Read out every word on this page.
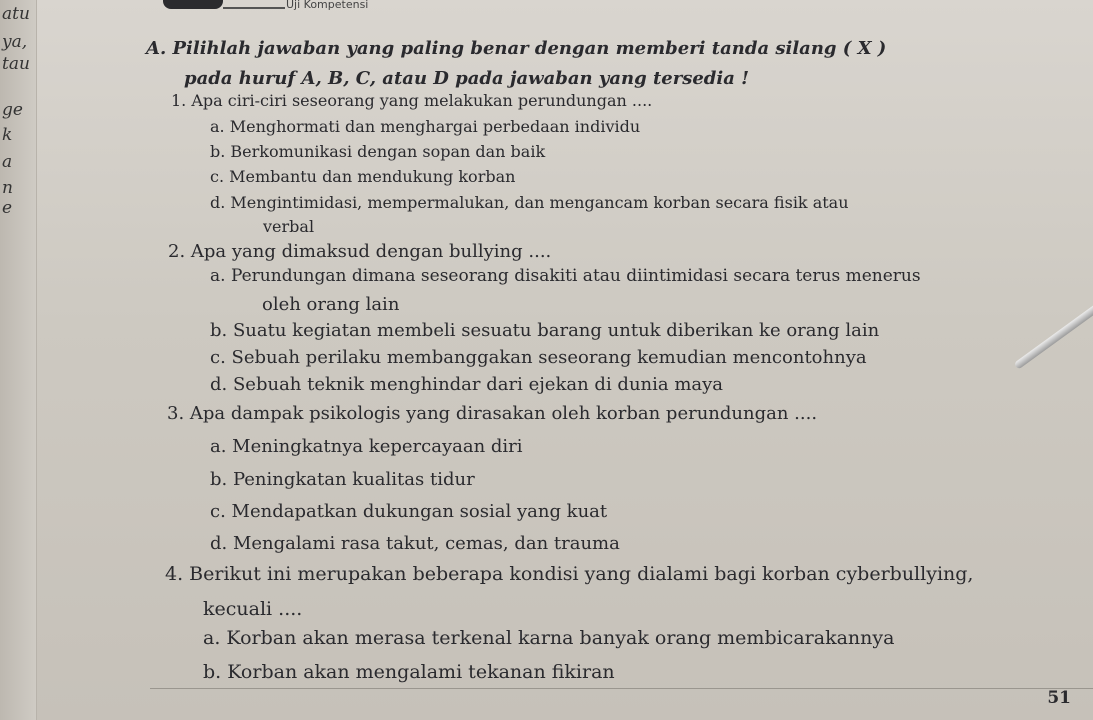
atu
ya,
tau
ge
k
a
n
e
Uji Kompetensi
A. Pilihlah jawaban yang paling benar dengan memberi tanda silang ( X )
pada huruf A, B, C, atau D pada jawaban yang tersedia !
1. Apa ciri-ciri seseorang yang melakukan perundungan ....
a. Menghormati dan menghargai perbedaan individu
b. Berkomunikasi dengan sopan dan baik
c. Membantu dan mendukung korban
d. Mengintimidasi, mempermalukan, dan mengancam korban secara fisik atau
verbal
2. Apa yang dimaksud dengan bullying ....
a. Perundungan dimana seseorang disakiti atau diintimidasi secara terus menerus
oleh orang lain
b. Suatu kegiatan membeli sesuatu barang untuk diberikan ke orang lain
c. Sebuah perilaku membanggakan seseorang kemudian mencontohnya
d. Sebuah teknik menghindar dari ejekan di dunia maya
3. Apa dampak psikologis yang dirasakan oleh korban perundungan ....
a. Meningkatnya kepercayaan diri
b. Peningkatan kualitas tidur
c. Mendapatkan dukungan sosial yang kuat
d. Mengalami rasa takut, cemas, dan trauma
4. Berikut ini merupakan beberapa kondisi yang dialami bagi korban cyberbullying,
kecuali ....
a. Korban akan merasa terkenal karna banyak orang membicarakannya
b. Korban akan mengalami tekanan fikiran
51
